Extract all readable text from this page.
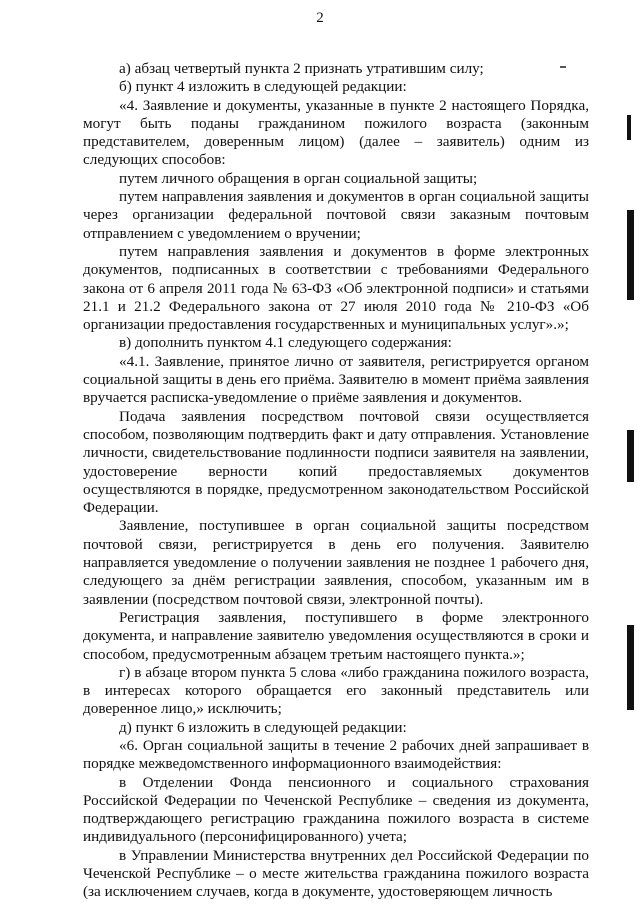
2

а) абзац четвертый пункта 2 признать утратившим силу;

б) пункт 4 изложить в следующей редакции:

«4. Заявление и документы, указанные в пункте 2 настоящего Порядка, могут быть поданы гражданином пожилого возраста (законным представителем, доверенным лицом) (далее – заявитель) одним из следующих способов:

путем личного обращения в орган социальной защиты;

путем направления заявления и документов в орган социальной защиты через организации федеральной почтовой связи заказным почтовым отправлением с уведомлением о вручении;

путем направления заявления и документов в форме электронных документов, подписанных в соответствии с требованиями Федерального закона от 6 апреля 2011 года № 63-ФЗ «Об электронной подписи» и статьями 21.1 и 21.2 Федерального закона от 27 июля 2010 года № 210-ФЗ «Об организации предоставления государственных и муниципальных услуг».»;

в) дополнить пунктом 4.1 следующего содержания:

«4.1. Заявление, принятое лично от заявителя, регистрируется органом социальной защиты в день его приёма. Заявителю в момент приёма заявления вручается расписка-уведомление о приёме заявления и документов.

Подача заявления посредством почтовой связи осуществляется способом, позволяющим подтвердить факт и дату отправления. Установление личности, свидетельствование подлинности подписи заявителя на заявлении, удостоверение верности копий предоставляемых документов осуществляются в порядке, предусмотренном законодательством Российской Федерации.

Заявление, поступившее в орган социальной защиты посредством почтовой связи, регистрируется в день его получения. Заявителю направляется уведомление о получении заявления не позднее 1 рабочего дня, следующего за днём регистрации заявления, способом, указанным им в заявлении (посредством почтовой связи, электронной почты).

Регистрация заявления, поступившего в форме электронного документа, и направление заявителю уведомления осуществляются в сроки и способом, предусмотренным абзацем третьим настоящего пункта.»;

г) в абзаце втором пункта 5 слова «либо гражданина пожилого возраста, в интересах которого обращается его законный представитель или доверенное лицо,» исключить;

д) пункт 6 изложить в следующей редакции:

«6. Орган социальной защиты в течение 2 рабочих дней запрашивает в порядке межведомственного информационного взаимодействия:

в Отделении Фонда пенсионного и социального страхования Российской Федерации по Чеченской Республике – сведения из документа, подтверждающего регистрацию гражданина пожилого возраста в системе индивидуального (персонифицированного) учета;

в Управлении Министерства внутренних дел Российской Федерации по Чеченской Республике – о месте жительства гражданина пожилого возраста (за исключением случаев, когда в документе, удостоверяющем личность
